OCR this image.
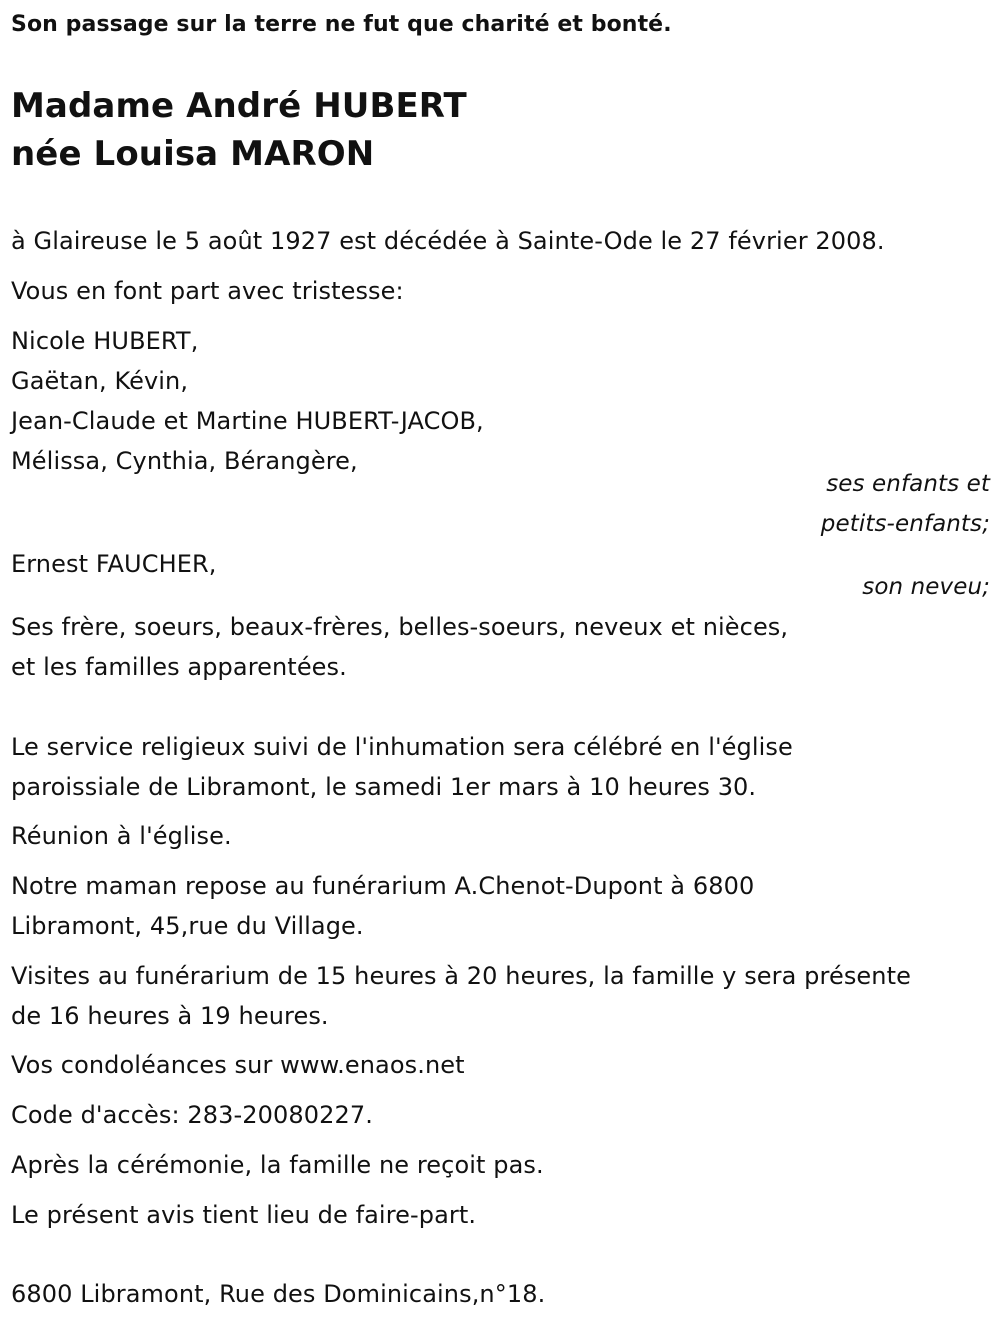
Son passage sur la terre ne fut que charité et bonté.

Madame André HUBERT

née Louisa MARON

à Glaireuse le 5 août 1927 est décédée à Sainte-Ode le 27 février 2008.

Vous en font part avec tristesse:

Nicole HUBERT,

Gaëtan, Kévin,

Jean-Claude et Martine HUBERT-JACOB,

Mélissa, Cynthia, Bérangère,

ses enfants et

petits-enfants;

Ernest FAUCHER,

son neveu;

Ses frère, soeurs, beaux-frères, belles-soeurs, neveux et nièces,

et les familles apparentées.

Le service religieux suivi de l'inhumation sera célébré en l'église

paroissiale de Libramont, le samedi 1er mars à 10 heures 30.

Réunion à l'église.

Notre maman repose au funérarium A.Chenot-Dupont à 6800

Libramont, 45,rue du Village.

Visites au funérarium de 15 heures à 20 heures, la famille y sera présente

de 16 heures à 19 heures.

Vos condoléances sur www.enaos.net

Code d'accès: 283-20080227.

Après la cérémonie, la famille ne reçoit pas.

Le présent avis tient lieu de faire-part.

6800 Libramont, Rue des Dominicains,n°18.
